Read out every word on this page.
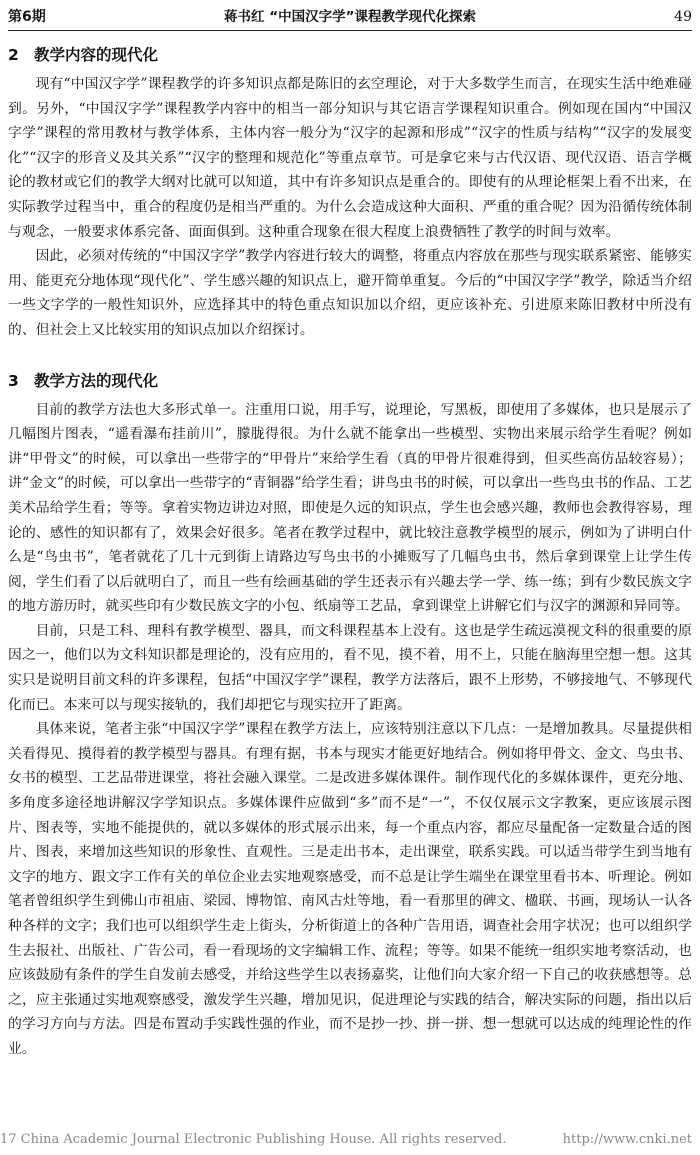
第6期	蒋书红 “中国汉字学”课程教学现代化探索	49
2 教学内容的现代化

现有“中国汉字学”课程教学的许多知识点都是陈旧的玄空理论，对于大多数学生而言，在现实生活中绝难碰到。另外，“中国汉字学”课程教学内容中的相当一部分知识与其它语言学课程知识重合。例如现在国内“中国汉字学”课程的常用教材与教学体系，主体内容一般分为“汉字的起源和形成”“汉字的性质与结构”“汉字的发展变化”“汉字的形音义及其关系”“汉字的整理和规范化”等重点章节。可是拿它来与古代汉语、现代汉语、语言学概论的教材或它们的教学大纲对比就可以知道，其中有许多知识点是重合的。即使有的从理论框架上看不出来，在实际教学过程当中，重合的程度仍是相当严重的。为什么会造成这种大面积、严重的重合呢？因为沿循传统体制与观念，一般要求体系完备、面面俱到。这种重合现象在很大程度上浪费牺牲了教学的时间与效率。

因此，必须对传统的“中国汉字学”教学内容进行较大的调整，将重点内容放在那些与现实联系紧密、能够实用、能更充分地体现“现代化”、学生感兴趣的知识点上，避开简单重复。今后的“中国汉字学”教学，除适当介绍一些文字学的一般性知识外，应选择其中的特色重点知识加以介绍，更应该补充、引进原来陈旧教材中所没有的、但社会上又比较实用的知识点加以介绍探讨。

3 教学方法的现代化

目前的教学方法也大多形式单一。注重用口说，用手写，说理论，写黑板，即使用了多媒体，也只是展示了几幅图片图表，“遥看瀑布挂前川”，朦胧得很。为什么就不能拿出一些模型、实物出来展示给学生看呢？例如讲“甲骨文”的时候，可以拿出一些带字的“甲骨片”来给学生看（真的甲骨片很难得到，但买些高仿品较容易）；讲“金文”的时候，可以拿出一些带字的“青铜器”给学生看；讲鸟虫书的时候，可以拿出一些鸟虫书的作品、工艺美术品给学生看；等等。拿着实物边讲边对照，即使是久远的知识点，学生也会感兴趣，教师也会教得容易，理论的、感性的知识都有了，效果会好很多。笔者在教学过程中，就比较注意教学模型的展示，例如为了讲明白什么是“鸟虫书”，笔者就花了几十元到街上请路边写鸟虫书的小摊贩写了几幅鸟虫书，然后拿到课堂上让学生传阅，学生们看了以后就明白了，而且一些有绘画基础的学生还表示有兴趣去学一学、练一练；到有少数民族文字的地方游历时，就买些印有少数民族文字的小包、纸扇等工艺品，拿到课堂上讲解它们与汉字的渊源和异同等。

目前，只是工科、理科有教学模型、器具，而文科课程基本上没有。这也是学生疏远漠视文科的很重要的原因之一，他们以为文科知识都是理论的，没有应用的，看不见，摸不着，用不上，只能在脑海里空想一想。这其实只是说明目前文科的许多课程，包括“中国汉字学”课程，教学方法落后，跟不上形势，不够接地气、不够现代化而已。本来可以与现实接轨的，我们却把它与现实拉开了距离。

具体来说，笔者主张“中国汉字学”课程在教学方法上，应该特别注意以下几点：一是增加教具。尽量提供相关看得见、摸得着的教学模型与器具。有理有据，书本与现实才能更好地结合。例如将甲骨文、金文、鸟虫书、女书的模型、工艺品带进课堂，将社会融入课堂。二是改进多媒体课件。制作现代化的多媒体课件，更充分地、多角度多途径地讲解汉字学知识点。多媒体课件应做到“多”而不是“一”，不仅仅展示文字教案，更应该展示图片、图表等，实地不能提供的，就以多媒体的形式展示出来，每一个重点内容，都应尽量配备一定数量合适的图片、图表，来增加这些知识的形象性、直观性。三是走出书本，走出课堂，联系实践。可以适当带学生到当地有文字的地方、跟文字工作有关的单位企业去实地观察感受，而不总是让学生端坐在课堂里看书本、听理论。例如笔者曾组织学生到佛山市祖庙、梁园、博物馆、南风古灶等地，看一看那里的碑文、楹联、书画，现场认一认各种各样的文字；我们也可以组织学生走上街头，分析街道上的各种广告用语，调查社会用字状况；也可以组织学生去报社、出版社、广告公司，看一看现场的文字编辑工作、流程；等等。如果不能统一组织实地考察活动，也应该鼓励有条件的学生自发前去感受，并给这些学生以表扬嘉奖，让他们向大家介绍一下自己的收获感想等。总之，应主张通过实地观察感受，激发学生兴趣，增加见识，促进理论与实践的结合，解决实际的问题，指出以后的学习方向与方法。四是布置动手实践性强的作业，而不是抄一抄、拼一拼、想一想就可以达成的纯理论性的作业。

17 China Academic Journal Electronic Publishing House. All rights reserved.	http://www.cnki.net
